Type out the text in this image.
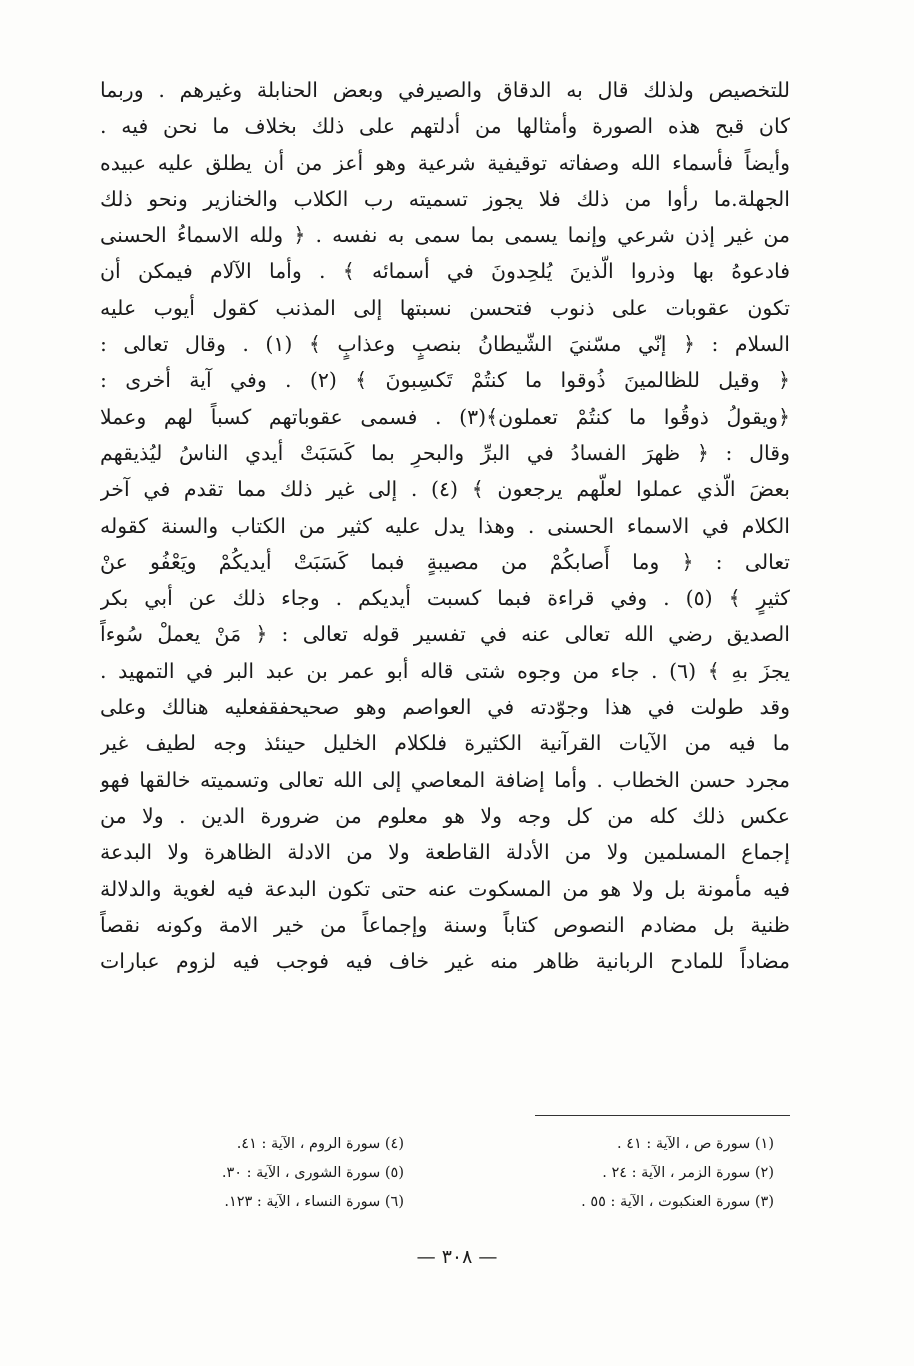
للتخصيص ولذلك قال به الدقاق والصيرفي وبعض الحنابلة وغيرهم . وربما
كان قبح هذه الصورة وأمثالها من أدلتهم على ذلك بخلاف ما نحن فيه .
وأيضاً فأسماء الله وصفاته توقيفية شرعية وهو أعز من أن يطلق عليه عبيده
الجهلة.ما رأوا من ذلك فلا يجوز تسميته رب الكلاب والخنازير ونحو ذلك
من غير إذن شرعي وإنما يسمى بما سمى به نفسه . ﴿ ولله الاسماءُ الحسنى
فادعوهُ بها وذروا الّذينَ يُلحِدونَ في أسمائه ﴾ . وأما الآلام فيمكن أن
تكون عقوبات على ذنوب فتحسن نسبتها إلى المذنب كقول أيوب عليه
السلام : ﴿ إنّي مسّنيَ الشّيطانُ بنصبٍ وعذابٍ ﴾ (١) . وقال تعالى :
﴿ وقيل للظالمينَ ذُوقوا ما كنتُمْ تَكسِبونَ ﴾ (٢) . وفي آية أخرى :
﴿ويقولُ ذوقُوا ما كنتُمْ تعملون﴾(٣) . فسمى عقوباتهم كسباً لهم وعملا
وقال : ﴿ ظهرَ الفسادُ في البرِّ والبحرِ بما كَسَبَتْ أيدي الناسُ ليُذيقهم
بعضَ الّذي عملوا لعلّهم يرجعون ﴾ (٤) . إلى غير ذلك مما تقدم في آخر
الكلام في الاسماء الحسنى . وهذا يدل عليه كثير من الكتاب والسنة كقوله
تعالى : ﴿ وما أَصابكُمْ من مصيبةٍ فبما كَسَبَتْ أيديكُمْ ويَعْفُو عنْ
كثيرٍ ﴾ (٥) . وفي قراءة فبما كسبت أيديكم . وجاء ذلك عن أبي بكر
الصديق رضي الله تعالى عنه في تفسير قوله تعالى : ﴿ مَنْ يعملْ سُوءاً
يجزَ بهِ ﴾ (٦) . جاء من وجوه شتى قاله أبو عمر بن عبد البر في التمهيد .
وقد طولت في هذا وجوّدته في العواصم وهو صحيحفقفعليه هنالك وعلى
ما فيه من الآيات القرآنية الكثيرة فلكلام الخليل حينئذ وجه لطيف غير
مجرد حسن الخطاب . وأما إضافة المعاصي إلى الله تعالى وتسميته خالقها فهو
عكس ذلك كله من كل وجه ولا هو معلوم من ضرورة الدين . ولا من
إجماع المسلمين ولا من الأدلة القاطعة ولا من الادلة الظاهرة ولا البدعة
فيه مأمونة بل ولا هو من المسكوت عنه حتى تكون البدعة فيه لغوية والدلالة
ظنية بل مضادم النصوص كتاباً وسنة وإجماعاً من خير الامة وكونه نقصاً
مضاداً للمادح الربانية ظاهر منه غير خاف فيه فوجب فيه لزوم عبارات
(١) سورة ص ، الآية : ٤١ .
(٢) سورة الزمر ، الآية : ٢٤ .
(٣) سورة العنكبوت ، الآية : ٥٥ .
(٤) سورة الروم ، الآية : ٤١.
(٥) سورة الشورى ، الآية : ٣٠.
(٦) سورة النساء ، الآية : ١٢٣.
— ٣٠٨ —
